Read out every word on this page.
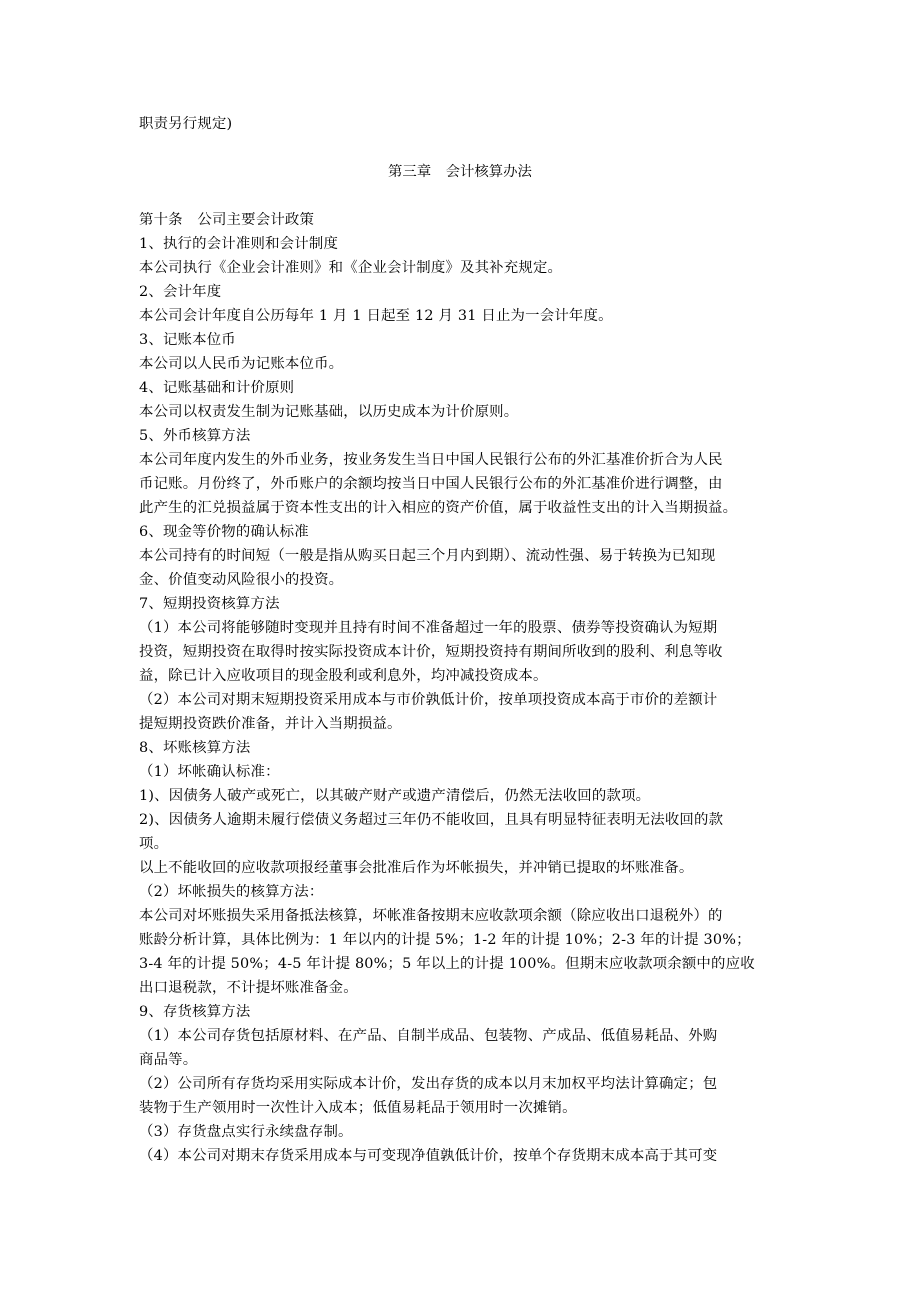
职责另行规定)
第三章　会计核算办法
第十条　公司主要会计政策
1、执行的会计准则和会计制度
本公司执行《企业会计准则》和《企业会计制度》及其补充规定。
2、会计年度
本公司会计年度自公历每年 1 月 1 日起至 12 月 31 日止为一会计年度。
3、记账本位币
本公司以人民币为记账本位币。
4、记账基础和计价原则
本公司以权责发生制为记账基础，以历史成本为计价原则。
5、外币核算方法
本公司年度内发生的外币业务，按业务发生当日中国人民银行公布的外汇基准价折合为人民
币记账。月份终了，外币账户的余额均按当日中国人民银行公布的外汇基准价进行调整，由
此产生的汇兑损益属于资本性支出的计入相应的资产价值，属于收益性支出的计入当期损益。
6、现金等价物的确认标准
本公司持有的时间短（一般是指从购买日起三个月内到期）、流动性强、易于转换为已知现
金、价值变动风险很小的投资。
7、短期投资核算方法
（1）本公司将能够随时变现并且持有时间不准备超过一年的股票、债券等投资确认为短期
投资，短期投资在取得时按实际投资成本计价，短期投资持有期间所收到的股利、利息等收
益，除已计入应收项目的现金股利或利息外，均冲减投资成本。
（2）本公司对期末短期投资采用成本与市价孰低计价，按单项投资成本高于市价的差额计
提短期投资跌价准备，并计入当期损益。
8、坏账核算方法
（1）坏帐确认标准：
1)、因债务人破产或死亡，以其破产财产或遗产清偿后，仍然无法收回的款项。
2)、因债务人逾期未履行偿债义务超过三年仍不能收回，且具有明显特征表明无法收回的款
项。
以上不能收回的应收款项报经董事会批准后作为坏帐损失，并冲销已提取的坏账准备。
（2）坏帐损失的核算方法：
本公司对坏账损失采用备抵法核算，坏帐准备按期末应收款项余额（除应收出口退税外）的
账龄分析计算，具体比例为：1 年以内的计提 5%；1-2 年的计提 10%；2-3 年的计提 30%；
3-4 年的计提 50%；4-5 年计提 80%；5 年以上的计提 100%。但期末应收款项余额中的应收
出口退税款，不计提坏账准备金。
9、存货核算方法
（1）本公司存货包括原材料、在产品、自制半成品、包装物、产成品、低值易耗品、外购
商品等。
（2）公司所有存货均采用实际成本计价，发出存货的成本以月末加权平均法计算确定；包
装物于生产领用时一次性计入成本；低值易耗品于领用时一次摊销。
（3）存货盘点实行永续盘存制。
（4）本公司对期末存货采用成本与可变现净值孰低计价，按单个存货期末成本高于其可变
